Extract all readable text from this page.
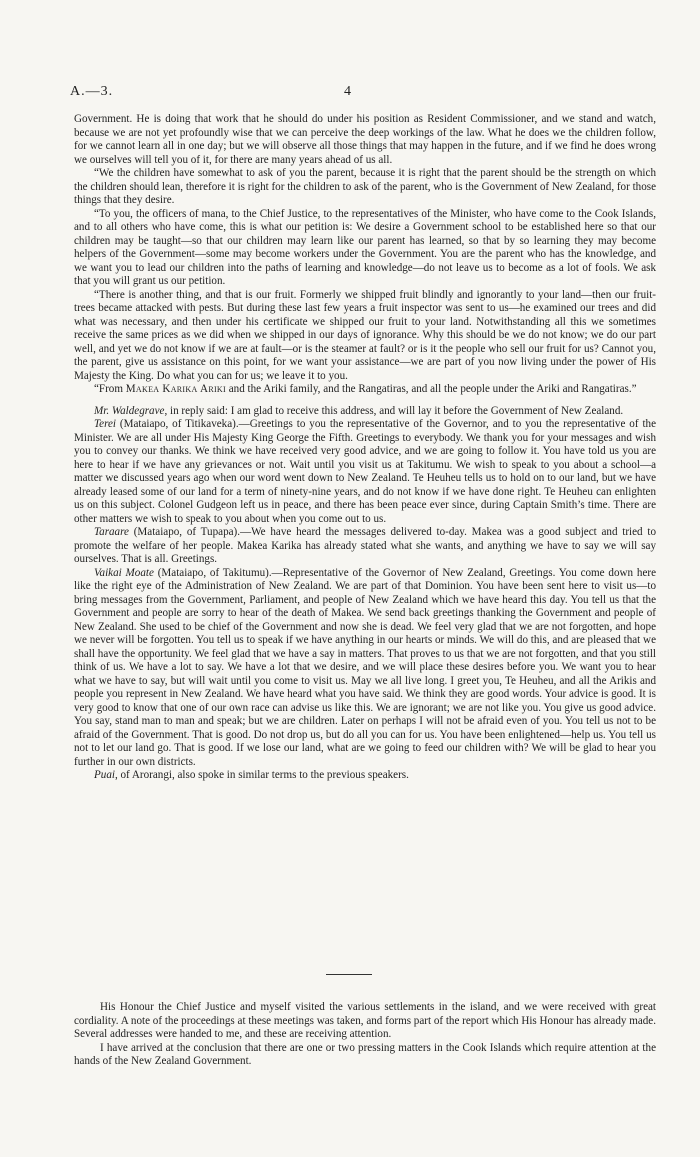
A.—3.	4

Government. He is doing that work that he should do under his position as Resident Commissioner, and we stand and watch, because we are not yet profoundly wise that we can perceive the deep workings of the law. What he does we the children follow, for we cannot learn all in one day; but we will observe all those things that may happen in the future, and if we find he does wrong we ourselves will tell you of it, for there are many years ahead of us all.

“We the children have somewhat to ask of you the parent, because it is right that the parent should be the strength on which the children should lean, therefore it is right for the children to ask of the parent, who is the Government of New Zealand, for those things that they desire.

“To you, the officers of mana, to the Chief Justice, to the representatives of the Minister, who have come to the Cook Islands, and to all others who have come, this is what our petition is: We desire a Government school to be established here so that our children may be taught—so that our children may learn like our parent has learned, so that by so learning they may become helpers of the Government—some may become workers under the Government. You are the parent who has the knowledge, and we want you to lead our children into the paths of learning and knowledge—do not leave us to become as a lot of fools. We ask that you will grant us our petition.

“There is another thing, and that is our fruit. Formerly we shipped fruit blindly and ignorantly to your land—then our fruit-trees became attacked with pests. But during these last few years a fruit inspector was sent to us—he examined our trees and did what was necessary, and then under his certificate we shipped our fruit to your land. Notwithstanding all this we sometimes receive the same prices as we did when we shipped in our days of ignorance. Why this should be we do not know; we do our part well, and yet we do not know if we are at fault—or is the steamer at fault? or is it the people who sell our fruit for us? Cannot you, the parent, give us assistance on this point, for we want your assistance—we are part of you now living under the power of His Majesty the King. Do what you can for us; we leave it to you.

“From Makea Karika Ariki and the Ariki family, and the Rangatiras, and all the people under the Ariki and Rangatiras.”

Mr. Waldegrave, in reply said: I am glad to receive this address, and will lay it before the Government of New Zealand.

Terei (Mataiapo, of Titikaveka).—Greetings to you the representative of the Governor, and to you the representative of the Minister. We are all under His Majesty King George the Fifth. Greetings to everybody. We thank you for your messages and wish you to convey our thanks. We think we have received very good advice, and we are going to follow it. You have told us you are here to hear if we have any grievances or not. Wait until you visit us at Takitumu. We wish to speak to you about a school—a matter we discussed years ago when our word went down to New Zealand. Te Heuheu tells us to hold on to our land, but we have already leased some of our land for a term of ninety-nine years, and do not know if we have done right. Te Heuheu can enlighten us on this subject. Colonel Gudgeon left us in peace, and there has been peace ever since, during Captain Smith’s time. There are other matters we wish to speak to you about when you come out to us.

Taraare (Mataiapo, of Tupapa).—We have heard the messages delivered to-day. Makea was a good subject and tried to promote the welfare of her people. Makea Karika has already stated what she wants, and anything we have to say we will say ourselves. That is all. Greetings.

Vaikai Moate (Mataiapo, of Takitumu).—Representative of the Governor of New Zealand, Greetings. You come down here like the right eye of the Administration of New Zealand. We are part of that Dominion. You have been sent here to visit us—to bring messages from the Government, Parliament, and people of New Zealand which we have heard this day. You tell us that the Government and people are sorry to hear of the death of Makea. We send back greetings thanking the Government and people of New Zealand. She used to be chief of the Government and now she is dead. We feel very glad that we are not forgotten, and hope we never will be forgotten. You tell us to speak if we have anything in our hearts or minds. We will do this, and are pleased that we shall have the opportunity. We feel glad that we have a say in matters. That proves to us that we are not forgotten, and that you still think of us. We have a lot to say. We have a lot that we desire, and we will place these desires before you. We want you to hear what we have to say, but will wait until you come to visit us. May we all live long. I greet you, Te Heuheu, and all the Arikis and people you represent in New Zealand. We have heard what you have said. We think they are good words. Your advice is good. It is very good to know that one of our own race can advise us like this. We are ignorant; we are not like you. You give us good advice. You say, stand man to man and speak; but we are children. Later on perhaps I will not be afraid even of you. You tell us not to be afraid of the Government. That is good. Do not drop us, but do all you can for us. You have been enlightened—help us. You tell us not to let our land go. That is good. If we lose our land, what are we going to feed our children with? We will be glad to hear you further in our own districts.

Puai, of Arorangi, also spoke in similar terms to the previous speakers.

His Honour the Chief Justice and myself visited the various settlements in the island, and we were received with great cordiality. A note of the proceedings at these meetings was taken, and forms part of the report which His Honour has already made. Several addresses were handed to me, and these are receiving attention.

I have arrived at the conclusion that there are one or two pressing matters in the Cook Islands which require attention at the hands of the New Zealand Government.
